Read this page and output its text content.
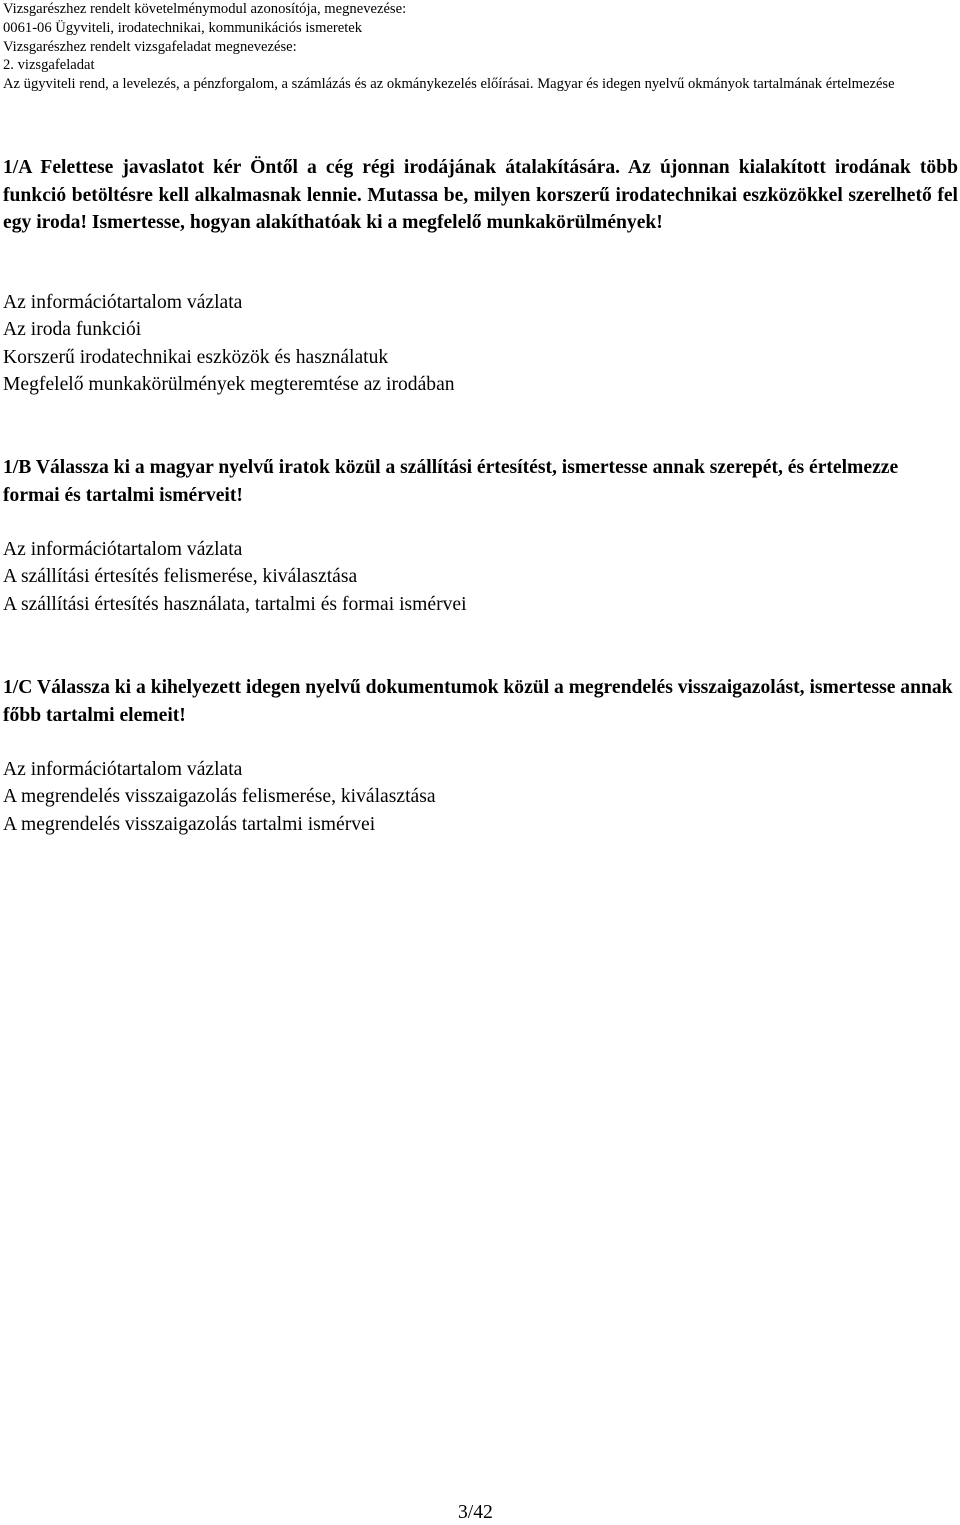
Vizsgarészhez rendelt követelménymodul azonosítója, megnevezése:
0061-06 Ügyviteli, irodatechnikai, kommunikációs ismeretek
Vizsgarészhez rendelt vizsgafeladat megnevezése:
2. vizsgafeladat
Az ügyviteli rend, a levelezés, a pénzforgalom, a számlázás és az okmánykezelés előírásai. Magyar és idegen nyelvű okmányok tartalmának értelmezése
1/A Felettese javaslatot kér Öntől a cég régi irodájának átalakítására. Az újonnan kialakított irodának több funkció betöltésre kell alkalmasnak lennie. Mutassa be, milyen korszerű irodatechnikai eszközökkel szerelhető fel egy iroda! Ismertesse, hogyan alakíthatóak ki a megfelelő munkakörülmények!
Az információtartalom vázlata
Az iroda funkciói
Korszerű irodatechnikai eszközök és használatuk
Megfelelő munkakörülmények megteremtése az irodában
1/B Válassza ki a magyar nyelvű iratok közül a szállítási értesítést, ismertesse annak szerepét, és értelmezze formai és tartalmi ismérveit!
Az információtartalom vázlata
A szállítási értesítés felismerése, kiválasztása
A szállítási értesítés használata, tartalmi és formai ismérvei
1/C Válassza ki a kihelyezett idegen nyelvű dokumentumok közül a megrendelés visszaigazolást, ismertesse annak főbb tartalmi elemeit!
Az információtartalom vázlata
A megrendelés visszaigazolás felismerése, kiválasztása
A megrendelés visszaigazolás tartalmi ismérvei
3/42
